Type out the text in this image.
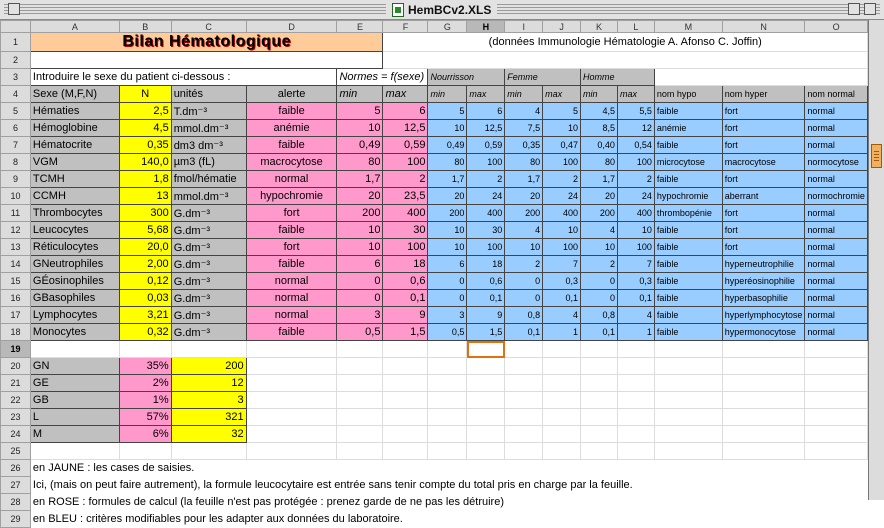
HemBCv2.XLS
	A	B	C	D	E	F	G	H	I	J	K	L	M	N	O
1	Bilan Hématologique					(données Immunologie Hématologie A. Afonso C. Joffin)									
2															
3	Introduire le sexe du patient ci-dessous :				Normes = f(sexe)		Nourrisson		Femme		Homme				
4	Sexe (M,F,N)	N	unités	alerte	min	max	min	max	min	max	min	max	nom hypo	nom hyper	nom normal
5	Hématies	2,5	T.dm⁻³	faible	5	6	5	6	4	5	4,5	5,5	faible	fort	normal
6	Hémoglobine	4,5	mmol.dm⁻³	anémie	10	12,5	10	12,5	7,5	10	8,5	12	anémie	fort	normal
7	Hématocrite	0,35	dm3 dm⁻³	faible	0,49	0,59	0,49	0,59	0,35	0,47	0,40	0,54	faible	fort	normal
8	VGM	140,0	µm3 (fL)	macrocytose	80	100	80	100	80	100	80	100	microcytose	macrocytose	normocytose
9	TCMH	1,8	fmol/hématie	normal	1,7	2	1,7	2	1,7	2	1,7	2	faible	fort	normal
10	CCMH	13	mmol.dm⁻³	hypochromie	20	23,5	20	24	20	24	20	24	hypochromie	aberrant	normochromie
11	Thrombocytes	300	G.dm⁻³	fort	200	400	200	400	200	400	200	400	thrombopénie	fort	normal
12	Leucocytes	5,68	G.dm⁻³	faible	10	30	10	30	4	10	4	10	faible	fort	normal
13	Réticulocytes	20,0	G.dm⁻³	fort	10	100	10	100	10	100	10	100	faible	fort	normal
14	GNeutrophiles	2,00	G.dm⁻³	faible	6	18	6	18	2	7	2	7	faible	hyperneutrophilie	normal
15	GÉosinophiles	0,12	G.dm⁻³	normal	0	0,6	0	0,6	0	0,3	0	0,3	faible	hyperéosinophilie	normal
16	GBasophiles	0,03	G.dm⁻³	normal	0	0,1	0	0,1	0	0,1	0	0,1	faible	hyperbasophilie	normal
17	Lymphocytes	3,21	G.dm⁻³	normal	3	9	3	9	0,8	4	0,8	4	faible	hyperlymphocytose	normal
18	Monocytes	0,32	G.dm⁻³	faible	0,5	1,5	0,5	1,5	0,1	1	0,1	1	faible	hypermonocytose	normal
19															
20	GN	35%	200												
21	GE	2%	12												
22	GB	1%	3												
23	L	57%	321												
24	M	6%	32												
25															
26	en JAUNE : les cases de saisies.														
27	Ici, (mais on peut faire autrement), la formule leucocytaire est entrée sans tenir compte du total pris en charge par la feuille.														
28	en ROSE : formules de calcul (la feuille n'est pas protégée : prenez garde de ne pas les détruire)														
29	en BLEU : critères modifiables pour les adapter aux données du laboratoire.														
